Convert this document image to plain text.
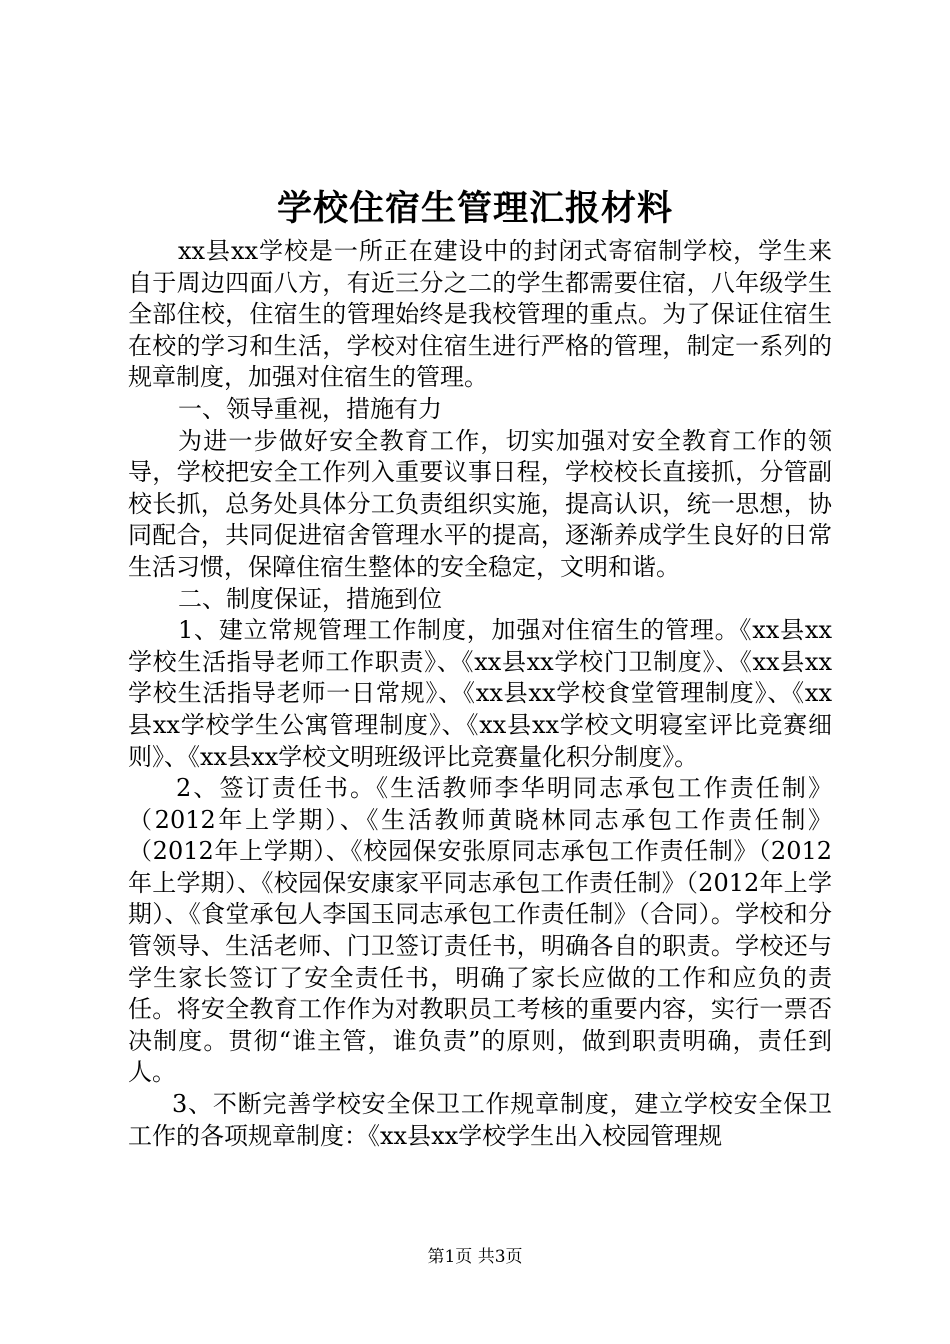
学校住宿生管理汇报材料

xx县xx学校是一所正在建设中的封闭式寄宿制学校，学生来自于周边四面八方，有近三分之二的学生都需要住宿，八年级学生全部住校，住宿生的管理始终是我校管理的重点。为了保证住宿生在校的学习和生活，学校对住宿生进行严格的管理，制定一系列的规章制度，加强对住宿生的管理。

一、领导重视，措施有力

为进一步做好安全教育工作，切实加强对安全教育工作的领导，学校把安全工作列入重要议事日程，学校校长直接抓，分管副校长抓，总务处具体分工负责组织实施，提高认识，统一思想，协同配合，共同促进宿舍管理水平的提高，逐渐养成学生良好的日常生活习惯，保障住宿生整体的安全稳定，文明和谐。

二、制度保证，措施到位

1、建立常规管理工作制度，加强对住宿生的管理。《xx县xx学校生活指导老师工作职责》、《xx县xx学校门卫制度》、《xx县xx学校生活指导老师一日常规》、《xx县xx学校食堂管理制度》、《xx县xx学校学生公寓管理制度》、《xx县xx学校文明寝室评比竞赛细则》、《xx县xx学校文明班级评比竞赛量化积分制度》。

2、签订责任书。《生活教师李华明同志承包工作责任制》（2012年上学期）、《生活教师黄晓林同志承包工作责任制》（2012年上学期）、《校园保安张原同志承包工作责任制》（2012年上学期）、《校园保安康家平同志承包工作责任制》（2012年上学期）、《食堂承包人李国玉同志承包工作责任制》（合同）。学校和分管领导、生活老师、门卫签订责任书，明确各自的职责。学校还与学生家长签订了安全责任书，明确了家长应做的工作和应负的责任。将安全教育工作作为对教职员工考核的重要内容，实行一票否决制度。贯彻“谁主管，谁负责”的原则，做到职责明确，责任到人。

3、不断完善学校安全保卫工作规章制度，建立学校安全保卫工作的各项规章制度：《xx县xx学校学生出入校园管理规

第1页 共3页
